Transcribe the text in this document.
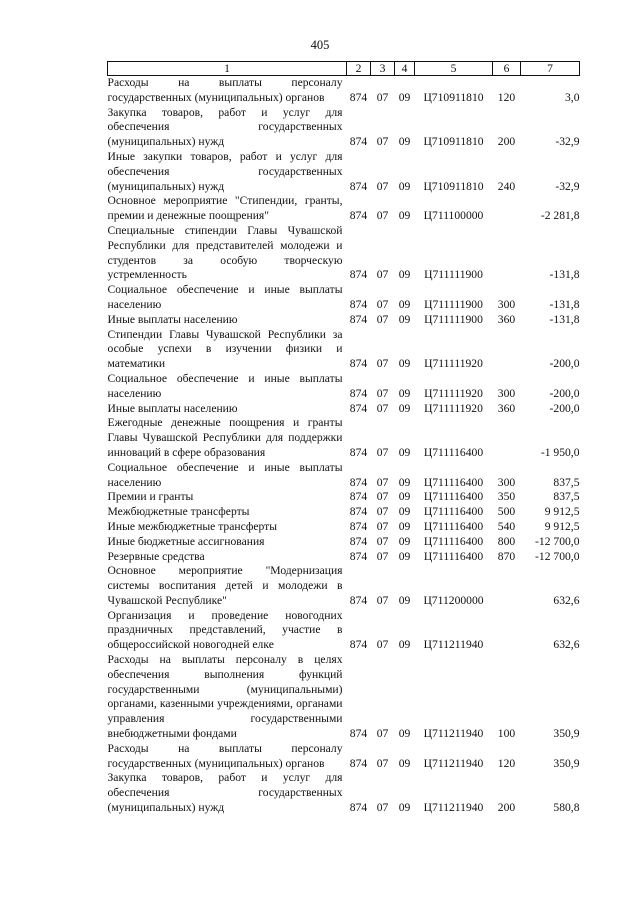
405
1	2	3	4	5	6	7
Расходы на выплаты персоналу государственных (муниципальных) органов	874	07	09	Ц710911810	120	3,0
Закупка товаров, работ и услуг для обеспечения государственных (муниципальных) нужд	874	07	09	Ц710911810	200	-32,9
Иные закупки товаров, работ и услуг для обеспечения государственных (муниципальных) нужд	874	07	09	Ц710911810	240	-32,9
Основное мероприятие "Стипендии, гранты, премии и денежные поощрения"	874	07	09	Ц711100000		-2 281,8
Специальные стипендии Главы Чувашской Республики для представителей молодежи и студентов за особую творческую устремленность	874	07	09	Ц711111900		-131,8
Социальное обеспечение и иные выплаты населению	874	07	09	Ц711111900	300	-131,8
Иные выплаты населению	874	07	09	Ц711111900	360	-131,8
Стипендии Главы Чувашской Республики за особые успехи в изучении физики и математики	874	07	09	Ц711111920		-200,0
Социальное обеспечение и иные выплаты населению	874	07	09	Ц711111920	300	-200,0
Иные выплаты населению	874	07	09	Ц711111920	360	-200,0
Ежегодные денежные поощрения и гранты Главы Чувашской Республики для поддержки инноваций в сфере образования	874	07	09	Ц711116400		-1 950,0
Социальное обеспечение и иные выплаты населению	874	07	09	Ц711116400	300	837,5
Премии и гранты	874	07	09	Ц711116400	350	837,5
Межбюджетные трансферты	874	07	09	Ц711116400	500	9 912,5
Иные межбюджетные трансферты	874	07	09	Ц711116400	540	9 912,5
Иные бюджетные ассигнования	874	07	09	Ц711116400	800	-12 700,0
Резервные средства	874	07	09	Ц711116400	870	-12 700,0
Основное мероприятие "Модернизация системы воспитания детей и молодежи в Чувашской Республике"	874	07	09	Ц711200000		632,6
Организация и проведение новогодних праздничных представлений, участие в общероссийской новогодней елке	874	07	09	Ц711211940		632,6
Расходы на выплаты персоналу в целях обеспечения выполнения функций государственными (муниципальными) органами, казенными учреждениями, органами управления государственными внебюджетными фондами	874	07	09	Ц711211940	100	350,9
Расходы на выплаты персоналу государственных (муниципальных) органов	874	07	09	Ц711211940	120	350,9
Закупка товаров, работ и услуг для обеспечения государственных (муниципальных) нужд	874	07	09	Ц711211940	200	580,8
